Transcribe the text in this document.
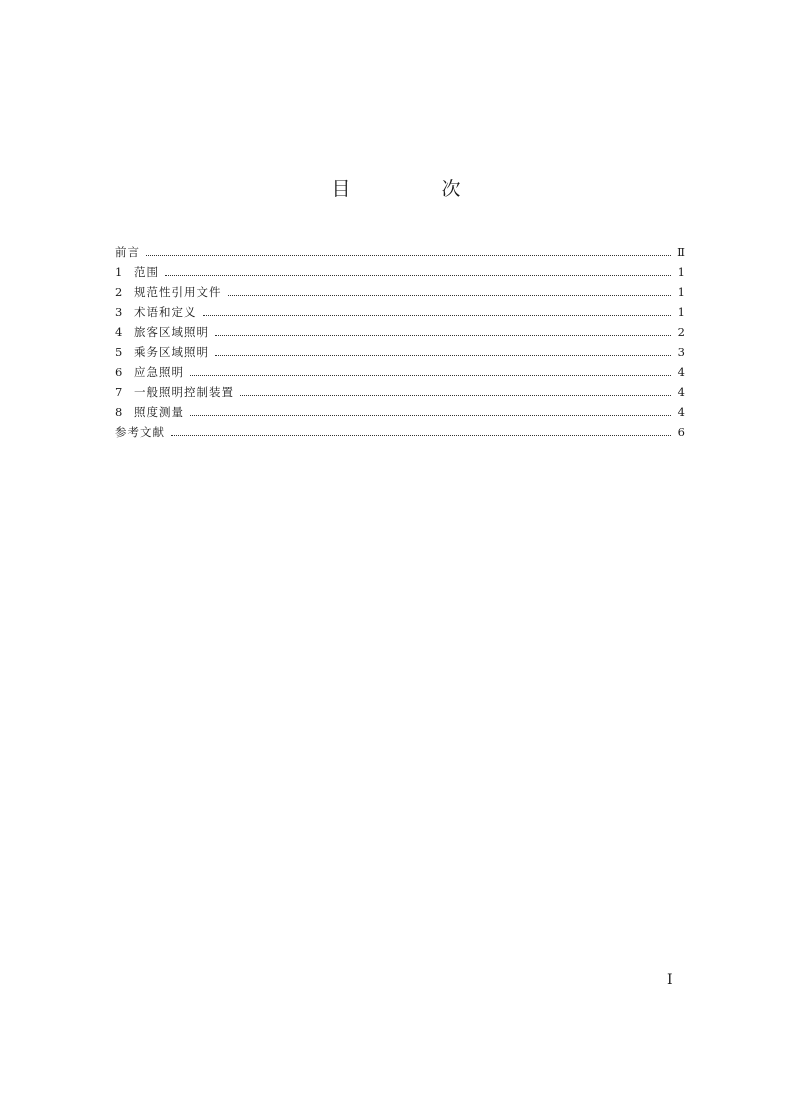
目　次
前言	Ⅱ
1	范围	1
2	规范性引用文件	1
3	术语和定义	1
4	旅客区域照明	2
5	乘务区域照明	3
6	应急照明	4
7	一般照明控制装置	4
8	照度测量	4
参考文献	6
I
